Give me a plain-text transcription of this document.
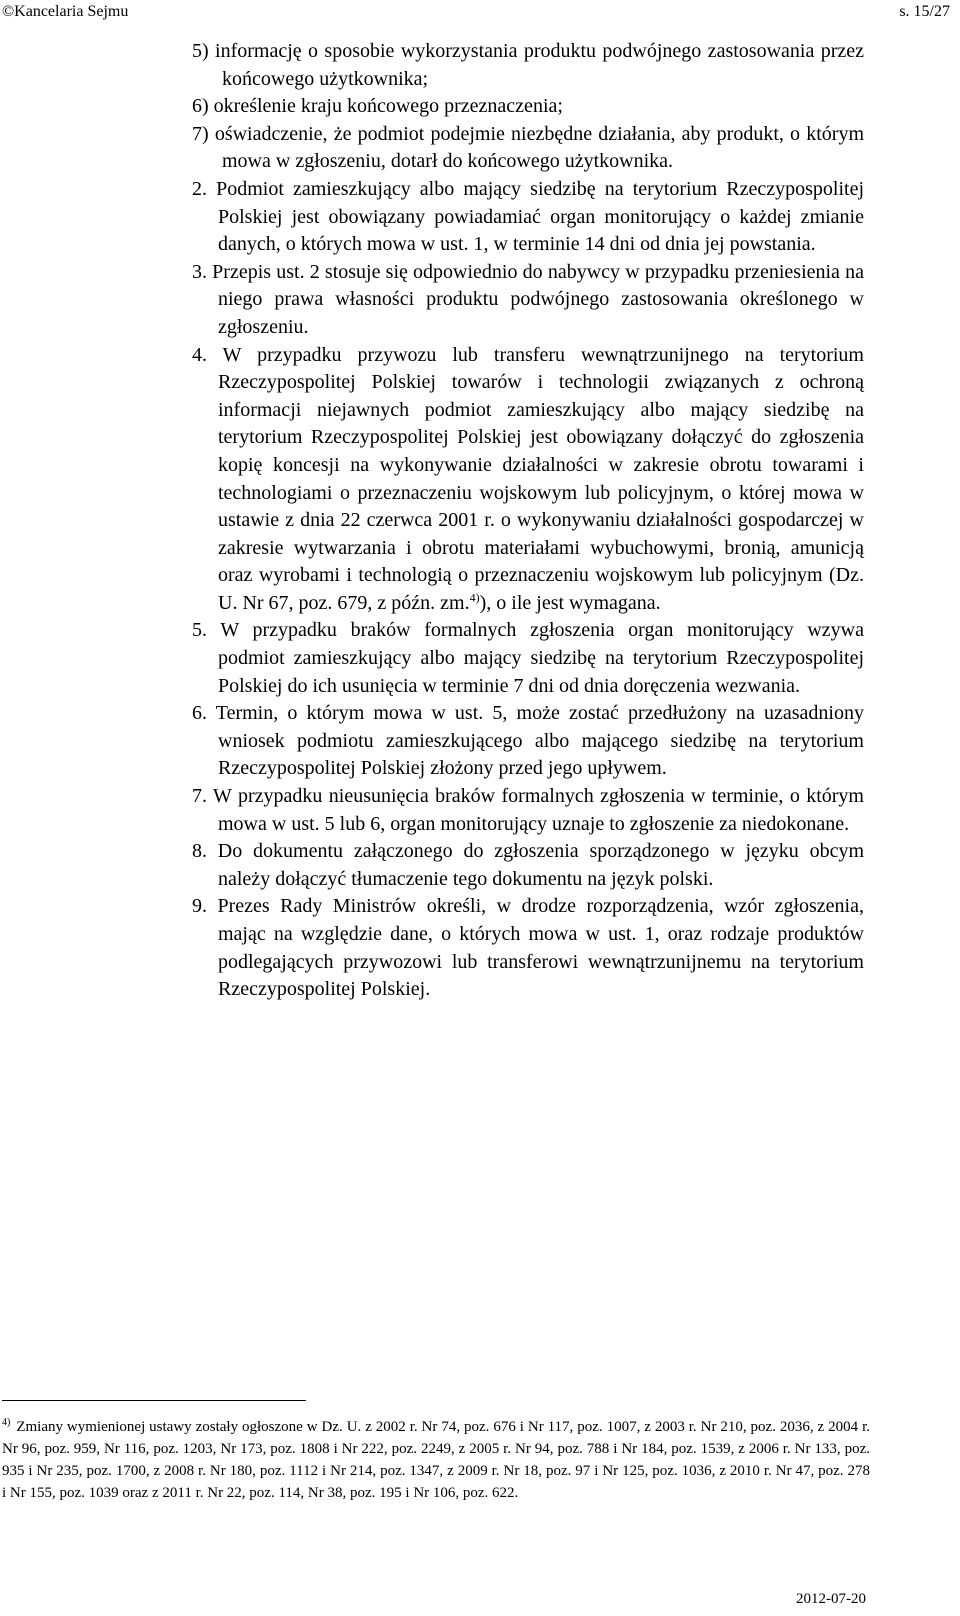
©Kancelaria Sejmu	s. 15/27

5) informację o sposobie wykorzystania produktu podwójnego zastosowania przez końcowego użytkownika;

6) określenie kraju końcowego przeznaczenia;

7) oświadczenie, że podmiot podejmie niezbędne działania, aby produkt, o którym mowa w zgłoszeniu, dotarł do końcowego użytkownika.

2. Podmiot zamieszkujący albo mający siedzibę na terytorium Rzeczypospolitej Polskiej jest obowiązany powiadamiać organ monitorujący o każdej zmianie danych, o których mowa w ust. 1, w terminie 14 dni od dnia jej powstania.

3. Przepis ust. 2 stosuje się odpowiednio do nabywcy w przypadku przeniesienia na niego prawa własności produktu podwójnego zastosowania określonego w zgłoszeniu.

4. W przypadku przywozu lub transferu wewnątrzunijnego na terytorium Rzeczypospolitej Polskiej towarów i technologii związanych z ochroną informacji niejawnych podmiot zamieszkujący albo mający siedzibę na terytorium Rzeczypospolitej Polskiej jest obowiązany dołączyć do zgłoszenia kopię koncesji na wykonywanie działalności w zakresie obrotu towarami i technologiami o przeznaczeniu wojskowym lub policyjnym, o której mowa w ustawie z dnia 22 czerwca 2001 r. o wykonywaniu działalności gospodarczej w zakresie wytwarzania i obrotu materiałami wybuchowymi, bronią, amunicją oraz wyrobami i technologią o przeznaczeniu wojskowym lub policyjnym (Dz. U. Nr 67, poz. 679, z późn. zm.$^{4)}$), o ile jest wymagana.

5. W przypadku braków formalnych zgłoszenia organ monitorujący wzywa podmiot zamieszkujący albo mający siedzibę na terytorium Rzeczypospolitej Polskiej do ich usunięcia w terminie 7 dni od dnia doręczenia wezwania.

6. Termin, o którym mowa w ust. 5, może zostać przedłużony na uzasadniony wniosek podmiotu zamieszkującego albo mającego siedzibę na terytorium Rzeczypospolitej Polskiej złożony przed jego upływem.

7. W przypadku nieusunięcia braków formalnych zgłoszenia w terminie, o którym mowa w ust. 5 lub 6, organ monitorujący uznaje to zgłoszenie za niedokonane.

8. Do dokumentu załączonego do zgłoszenia sporządzonego w języku obcym należy dołączyć tłumaczenie tego dokumentu na język polski.

9. Prezes Rady Ministrów określi, w drodze rozporządzenia, wzór zgłoszenia, mając na względzie dane, o których mowa w ust. 1, oraz rodzaje produktów podlegających przywozowi lub transferowi wewnątrzunijnemu na terytorium Rzeczypospolitej Polskiej.

$^{4)}$ Zmiany wymienionej ustawy zostały ogłoszone w Dz. U. z 2002 r. Nr 74, poz. 676 i Nr 117, poz. 1007, z 2003 r. Nr 210, poz. 2036, z 2004 r. Nr 96, poz. 959, Nr 116, poz. 1203, Nr 173, poz. 1808 i Nr 222, poz. 2249, z 2005 r. Nr 94, poz. 788 i Nr 184, poz. 1539, z 2006 r. Nr 133, poz. 935 i Nr 235, poz. 1700, z 2008 r. Nr 180, poz. 1112 i Nr 214, poz. 1347, z 2009 r. Nr 18, poz. 97 i Nr 125, poz. 1036, z 2010 r. Nr 47, poz. 278 i Nr 155, poz. 1039 oraz z 2011 r. Nr 22, poz. 114, Nr 38, poz. 195 i Nr 106, poz. 622.
2012-07-20
